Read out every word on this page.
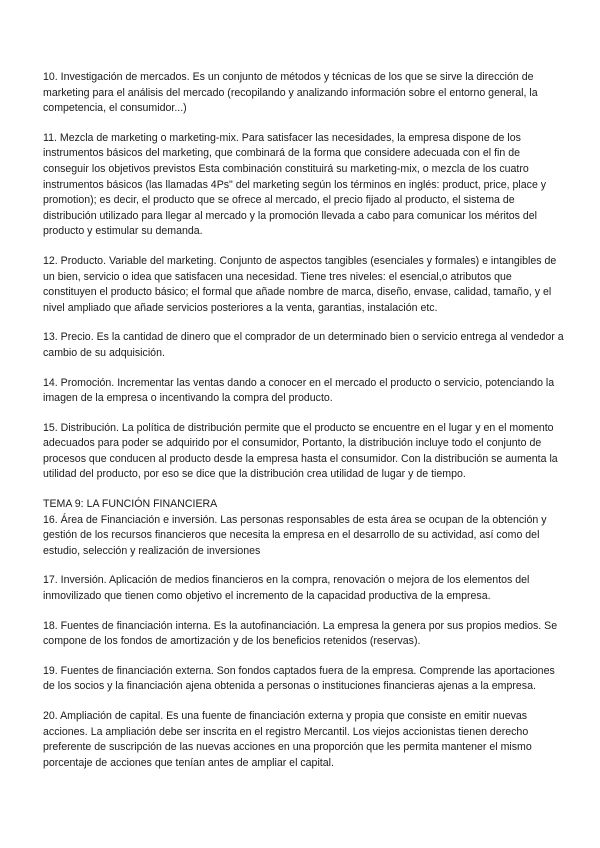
10. Investigación de mercados. Es un conjunto de métodos y técnicas de los que se sirve la dirección de marketing para el análisis del mercado (recopilando y analizando información sobre el entorno general, la competencia, el consumidor...)

11. Mezcla de marketing o marketing-mix. Para satisfacer las necesidades, la empresa dispone de los instrumentos básicos del marketing, que combinará de la forma que considere adecuada con el fin de conseguir los objetivos previstos Esta combinación constituirá su marketing-mix, o mezcla de los cuatro instrumentos básicos (las llamadas 4Ps" del marketing según los términos en inglés: product, price, place y promotion); es decir, el producto que se ofrece al mercado, el precio fijado al producto, el sistema de distribución utilizado para llegar al mercado y la promoción llevada a cabo para comunicar los méritos del producto y estimular su demanda.

12. Producto. Variable del marketing. Conjunto de aspectos tangibles (esenciales y formales) e intangibles de un bien, servicio o idea que satisfacen una necesidad. Tiene tres niveles: el esencial,o atributos que constituyen el producto básico; el formal que añade nombre de marca, diseño, envase, calidad, tamaño, y el nivel ampliado que añade servicios posteriores a la venta, garantias, instalación etc.

13. Precio. Es la cantidad de dinero que el comprador de un determinado bien o servicio entrega al vendedor a cambio de su adquisición.

14. Promoción. Incrementar las ventas dando a conocer en el mercado el producto o servicio, potenciando la imagen de la empresa o incentivando la compra del producto.

15. Distribución. La política de distribución permite que el producto se encuentre en el lugar y en el momento adecuados para poder se adquirido por el consumidor, Portanto, la distribución incluye todo el conjunto de procesos que conducen al producto desde la empresa hasta el consumidor. Con la distribución se aumenta la utilidad del producto, por eso se dice que la distribución crea utilidad de lugar y de tiempo.

TEMA 9: LA FUNCIÓN FINANCIERA

16. Área de Financiación e inversión. Las personas responsables de esta área se ocupan de la obtención y gestión de los recursos financieros que necesita la empresa en el desarrollo de su actividad, así como del estudio, selección y realización de inversiones

17. Inversión. Aplicación de medios financieros en la compra, renovación o mejora de los elementos del inmovilizado que tienen como objetivo el incremento de la capacidad productiva de la empresa.

18. Fuentes de financiación interna. Es la autofinanciación. La empresa la genera por sus propios medios. Se compone de los fondos de amortización y de los beneficios retenidos (reservas).

19. Fuentes de financiación externa. Son fondos captados fuera de la empresa. Comprende las aportaciones de los socios y la financiación ajena obtenida a personas o instituciones financieras ajenas a la empresa.

20. Ampliación de capital. Es una fuente de financiación externa y propia que consiste en emitir nuevas acciones. La ampliación debe ser inscrita en el registro Mercantil. Los viejos accionistas tienen derecho preferente de suscripción de las nuevas acciones en una proporción que les permita mantener el mismo porcentaje de acciones que tenían antes de ampliar el capital.
